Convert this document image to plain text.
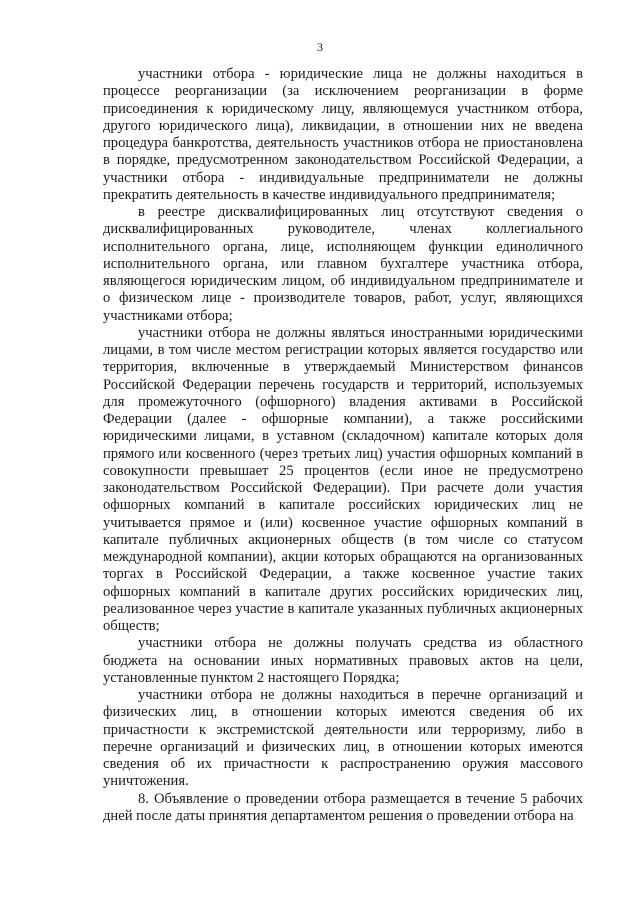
3

участники отбора - юридические лица не должны находиться в процессе реорганизации (за исключением реорганизации в форме присоединения к юридическому лицу, являющемуся участником отбора, другого юридического лица), ликвидации, в отношении них не введена процедура банкротства, деятельность участников отбора не приостановлена в порядке, предусмотренном законодательством Российской Федерации, а участники отбора - индивидуальные предприниматели не должны прекратить деятельность в качестве индивидуального предпринимателя;

в реестре дисквалифицированных лиц отсутствуют сведения о дисквалифицированных руководителе, членах коллегиального исполнительного органа, лице, исполняющем функции единоличного исполнительного органа, или главном бухгалтере участника отбора, являющегося юридическим лицом, об индивидуальном предпринимателе и о физическом лице - производителе товаров, работ, услуг, являющихся участниками отбора;

участники отбора не должны являться иностранными юридическими лицами, в том числе местом регистрации которых является государство или территория, включенные в утверждаемый Министерством финансов Российской Федерации перечень государств и территорий, используемых для промежуточного (офшорного) владения активами в Российской Федерации (далее - офшорные компании), а также российскими юридическими лицами, в уставном (складочном) капитале которых доля прямого или косвенного (через третьих лиц) участия офшорных компаний в совокупности превышает 25 процентов (если иное не предусмотрено законодательством Российской Федерации). При расчете доли участия офшорных компаний в капитале российских юридических лиц не учитывается прямое и (или) косвенное участие офшорных компаний в капитале публичных акционерных обществ (в том числе со статусом международной компании), акции которых обращаются на организованных торгах в Российской Федерации, а также косвенное участие таких офшорных компаний в капитале других российских юридических лиц, реализованное через участие в капитале указанных публичных акционерных обществ;

участники отбора не должны получать средства из областного бюджета на основании иных нормативных правовых актов на цели, установленные пунктом 2 настоящего Порядка;

участники отбора не должны находиться в перечне организаций и физических лиц, в отношении которых имеются сведения об их причастности к экстремистской деятельности или терроризму, либо в перечне организаций и физических лиц, в отношении которых имеются сведения об их причастности к распространению оружия массового уничтожения.

8. Объявление о проведении отбора размещается в течение 5 рабочих дней после даты принятия департаментом решения о проведении отбора на
